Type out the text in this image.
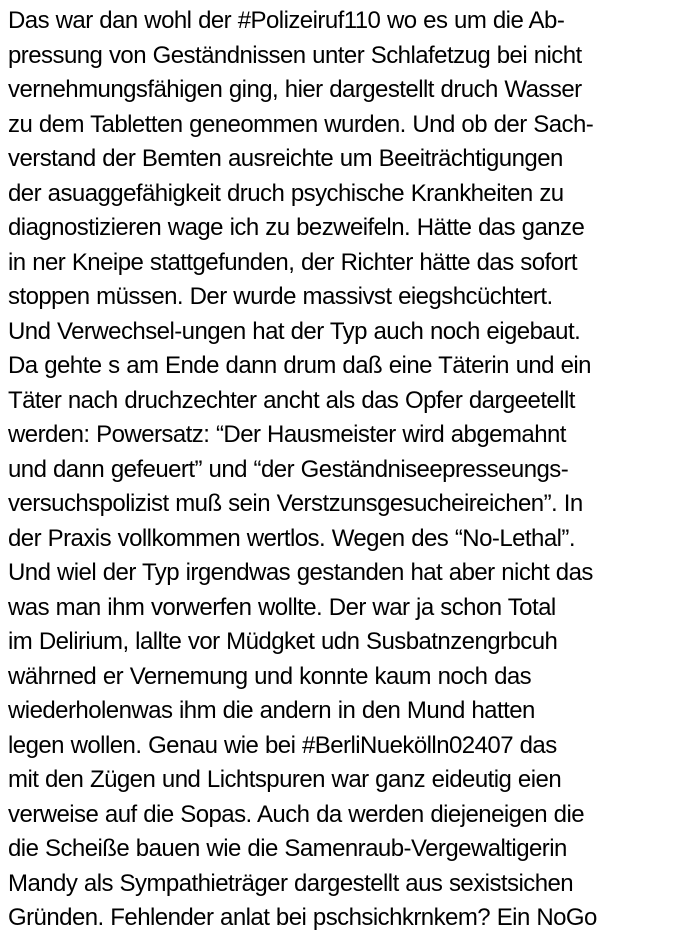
Das war dan wohl der #Polizeiruf110 wo es um die Ab-
pressung von Geständnissen unter Schlafetzug bei nicht
vernehmungsfähigen ging, hier dargestellt druch Wasser
zu dem Tabletten geneommen wurden. Und ob der Sach-
verstand der Bemten ausreichte um Beeiträchtigungen
der asuaggefähigkeit druch psychische Krankheiten zu
diagnostizieren wage ich zu bezweifeln. Hätte das ganze
in ner Kneipe stattgefunden, der Richter hätte das sofort
stoppen müssen. Der wurde massivst eiegshcüchtert.
Und Verwechsel-ungen hat der Typ auch noch eigebaut.
Da gehte s am Ende dann drum daß eine Täterin und ein
Täter nach druchzechter ancht als das Opfer dargeetellt
werden: Powersatz: “Der Hausmeister wird abgemahnt
und dann gefeuert” und “der Geständniseepresseungs-
versuchspolizist muß sein Verstzunsgesucheireichen”. In
der Praxis vollkommen wertlos. Wegen des “No-Lethal”.
Und wiel der Typ irgendwas gestanden hat aber nicht das
was man ihm vorwerfen wollte. Der war ja schon Total
im Delirium, lallte vor Müdgket udn Susbatnzengrbcuh
währned er Vernemung und konnte kaum noch das
wiederholenwas ihm die andern in den Mund hatten
legen wollen. Genau wie bei #BerliNuekölln02407 das
mit den Zügen und Lichtspuren war ganz eideutig eien
verweise auf die Sopas. Auch da werden diejeneigen die
die Scheiße bauen wie die Samenraub-Vergewaltigerin
Mandy als Sympathieträger dargestellt aus sexistsichen
Gründen. Fehlender anlat bei pschsichkrnkem? Ein NoGo
